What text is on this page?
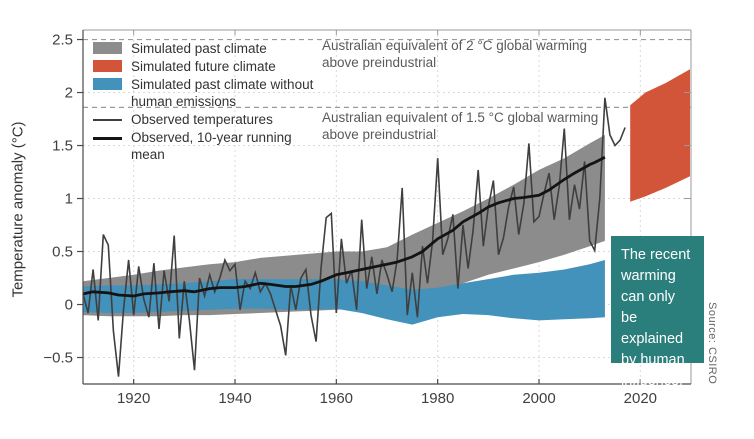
1920	1940	1960	1980	2000	2020
−0.5
0
0.5
1
1.5
2
2.5
Temperature anomaly (°C)
Simulated past climate
Simulated future climate
Simulated past climate without human emissions
Observed temperatures
Observed, 10-year running mean
Australian equivalent of 2 °C global warming above preindustrial
Australian equivalent of 1.5 °C global warming above preindustrial
The recent warming can only be explained by human influence.	Source: CSIRO
